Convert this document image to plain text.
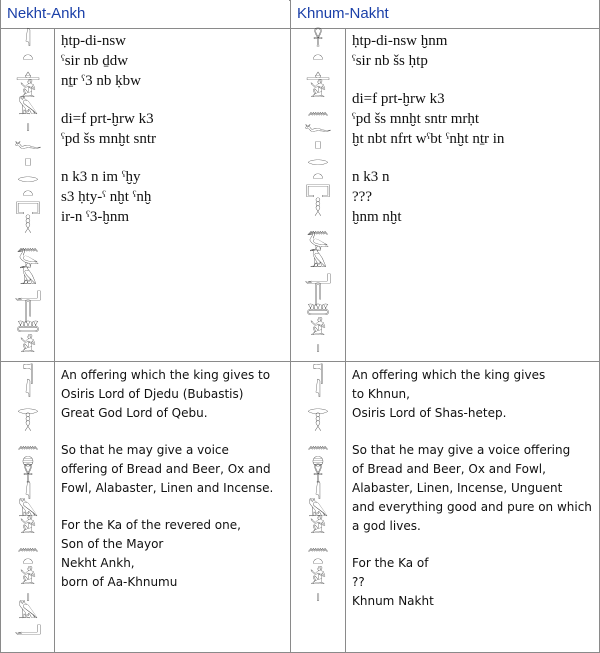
Nekht-Ankh	Khnum-Nakht
𓇋
𓏏
𓊵
𓀀
𓅓
𓏤
𓆑
𓊪
𓂋
𓏏
𓉐
𓎛
𓈖
𓅭
𓄿
𓂝
𓋴
𓆷
𓀀
𓊹
𓇋
𓂋
𓎛
𓈖
𓐍
𓋹
𓇋
𓅓
𓀀
𓈖
𓏏
𓀀
𓏤
𓅓
𓂝
𓋹
𓏏
𓊵
𓀀
𓈖
𓆑
𓊪
𓂋
𓏏
𓉐
𓎛
𓈖
𓅭
𓄿
𓂝
𓋴
𓆷
𓀀
𓏤
𓊹
𓇋
𓂋
𓎛
𓈖
𓐍
𓋹
𓇋
𓅓
𓀀
𓈖
𓏏
𓀀
𓏤
ḥtp-di-nsw
ˁsir nb ḏdw
nṯr ˁ3 nb ḳbw
di=f prt-ḫrw k3
ˁpd šs mnḫt sntr
n k3 n im ˁḫy
s3 ḥty-ˁ nḫt ˁnḫ
ir-n ˁ3-ḫnm
ḥtp-di-nsw ḫnm
ˁsir nb šs ḥtp
di=f prt-ḫrw k3
ˁpd šs mnḫt sntr mrḥt
ḫt nbt nfrt wˁbt ˁnḫt nṯr in
n k3 n
???
ḫnm nḫt
An offering which the king gives to
Osiris Lord of Djedu (Bubastis)
Great God Lord of Qebu.
So that he may give a voice
offering of Bread and Beer, Ox and
Fowl, Alabaster, Linen and Incense.
For the Ka of the revered one,
Son of the Mayor
Nekht Ankh,
born of Aa-Khnumu
An offering which the king gives
to Khnun,
Osiris Lord of Shas-hetep.
So that he may give a voice offering
of Bread and Beer, Ox and Fowl,
Alabaster, Linen, Incense, Unguent
and everything good and pure on which
a god lives.
For the Ka of
??
Khnum Nakht
